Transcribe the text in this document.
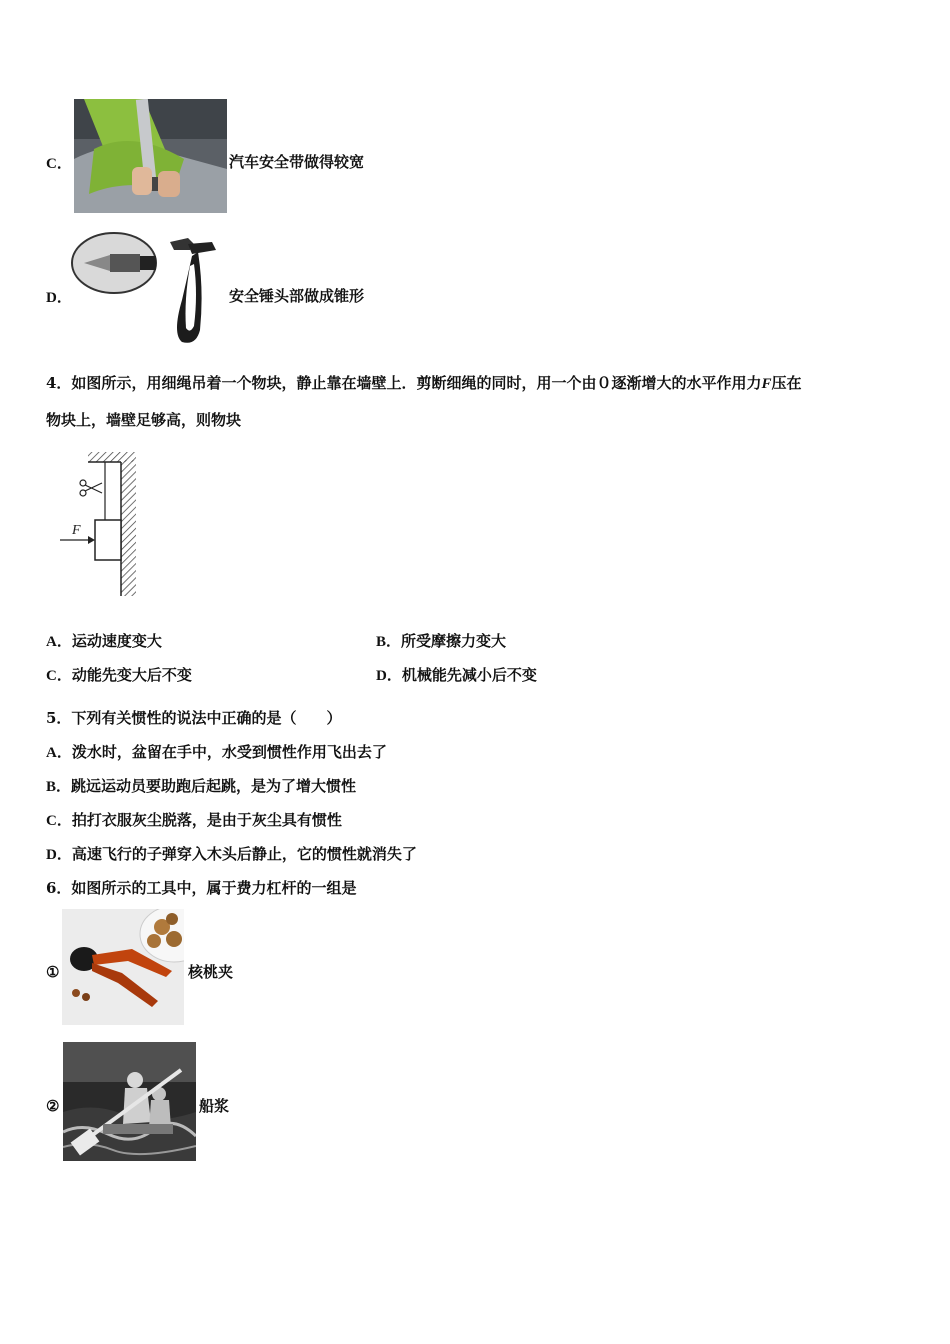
C．	汽车安全带做得较宽
D．	安全锤头部做成锥形
4．如图所示，用细绳吊着一个物块，静止靠在墙壁上．剪断细绳的同时，用一个由０逐渐增大的水平作用力F压在
物块上，墙壁足够高，则物块
F
A．运动速度变大	B．所受摩擦力变大
C．动能先变大后不变	D．机械能先减小后不变
5．下列有关惯性的说法中正确的是（　　）
A．泼水时，盆留在手中，水受到惯性作用飞出去了
B．跳远运动员要助跑后起跳，是为了增大惯性
C．拍打衣服灰尘脱落，是由于灰尘具有惯性
D．高速飞行的子弹穿入木头后静止，它的惯性就消失了
6．如图所示的工具中，属于费力杠杆的一组是
①	核桃夹
②	船浆
